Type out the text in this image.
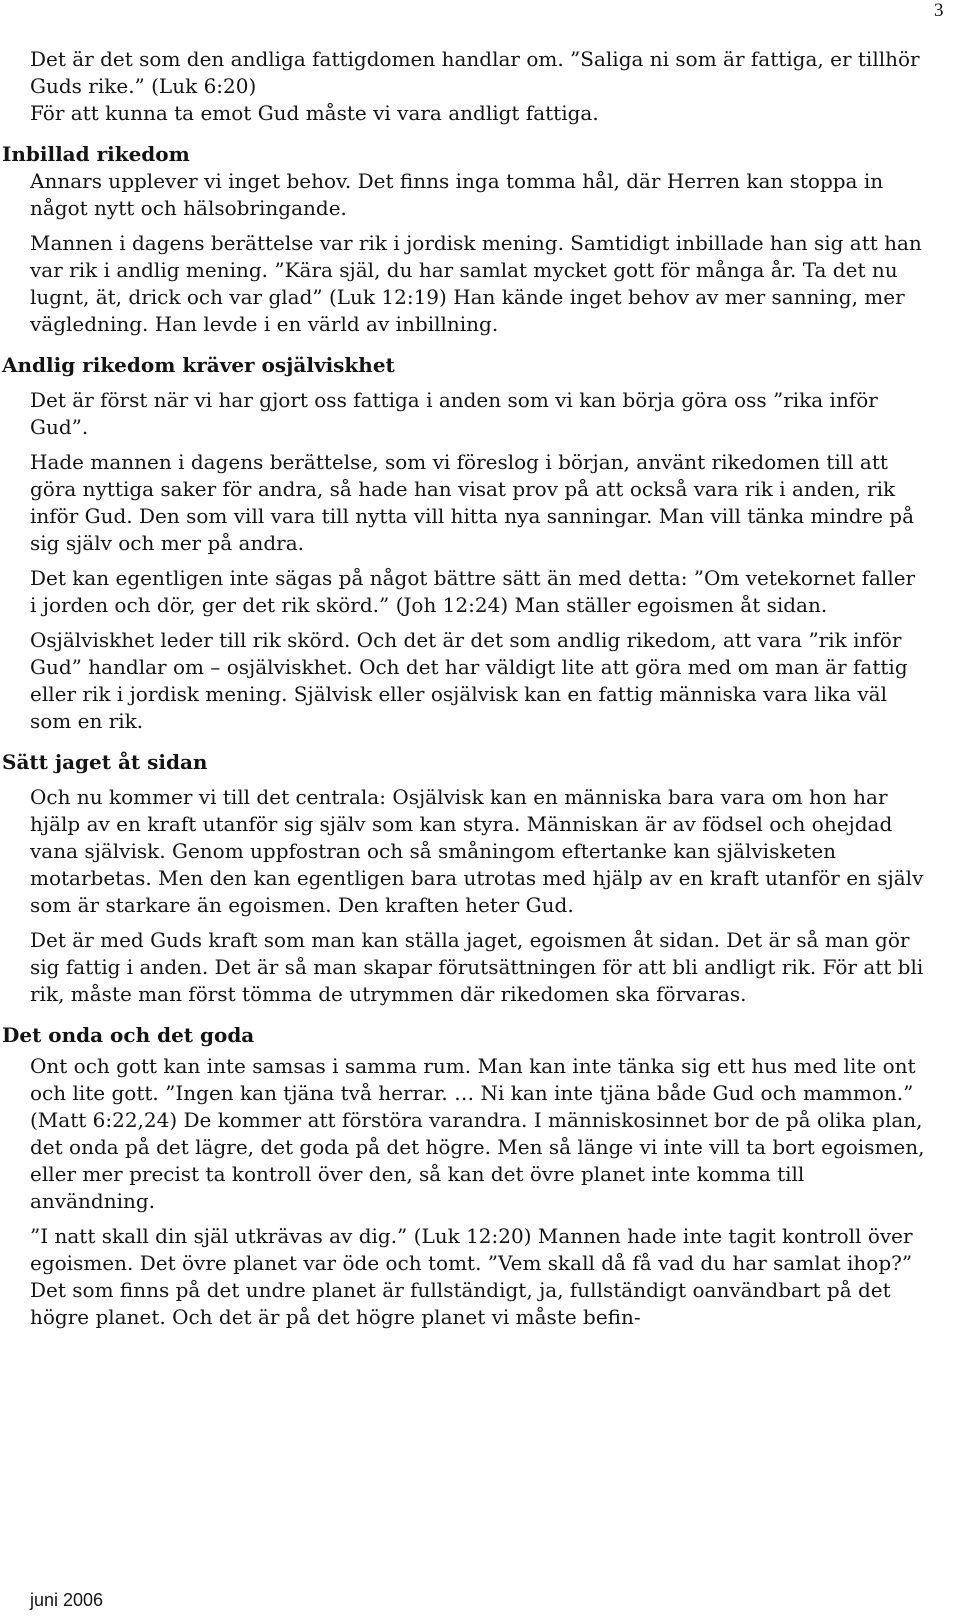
3

Det är det som den andliga fattigdomen handlar om. ”Saliga ni som är fattiga, er tillhör Guds rike.” (Luk 6:20)

För att kunna ta emot Gud måste vi vara andligt fattiga.

Inbillad rikedom

Annars upplever vi inget behov. Det finns inga tomma hål, där Herren kan stoppa in något nytt och hälsobringande.

Mannen i dagens berättelse var rik i jordisk mening. Samtidigt inbillade han sig att han var rik i andlig mening. ”Kära själ, du har samlat mycket gott för många år. Ta det nu lugnt, ät, drick och var glad” (Luk 12:19) Han kände inget behov av mer sanning, mer vägledning. Han levde i en värld av inbillning.

Andlig rikedom kräver osjälviskhet

Det är först när vi har gjort oss fattiga i anden som vi kan börja göra oss ”rika inför Gud”.

Hade mannen i dagens berättelse, som vi föreslog i början, använt rikedomen till att göra nyttiga saker för andra, så hade han visat prov på att också vara rik i anden, rik inför Gud. Den som vill vara till nytta vill hitta nya sanningar. Man vill tänka mindre på sig själv och mer på andra.

Det kan egentligen inte sägas på något bättre sätt än med detta: ”Om vetekornet faller i jorden och dör, ger det rik skörd.” (Joh 12:24) Man ställer egoismen åt sidan.

Osjälviskhet leder till rik skörd. Och det är det som andlig rikedom, att vara ”rik inför Gud” handlar om – osjälviskhet. Och det har väldigt lite att göra med om man är fattig eller rik i jordisk mening. Självisk eller osjälvisk kan en fattig människa vara lika väl som en rik.

Sätt jaget åt sidan

Och nu kommer vi till det centrala: Osjälvisk kan en människa bara vara om hon har hjälp av en kraft utanför sig själv som kan styra. Människan är av födsel och ohejdad vana självisk. Genom uppfostran och så småningom eftertanke kan självisketen motarbetas. Men den kan egentligen bara utrotas med hjälp av en kraft utanför en själv som är starkare än egoismen. Den kraften heter Gud.

Det är med Guds kraft som man kan ställa jaget, egoismen åt sidan. Det är så man gör sig fattig i anden. Det är så man skapar förutsättningen för att bli andligt rik. För att bli rik, måste man först tömma de utrymmen där rikedomen ska förvaras.

Det onda och det goda

Ont och gott kan inte samsas i samma rum. Man kan inte tänka sig ett hus med lite ont och lite gott. ”Ingen kan tjäna två herrar. … Ni kan inte tjäna både Gud och mammon.” (Matt 6:22,24) De kommer att förstöra varandra. I människosinnet bor de på olika plan, det onda på det lägre, det goda på det högre. Men så länge vi inte vill ta bort egoismen, eller mer precist ta kontroll över den, så kan det övre planet inte komma till användning.

”I natt skall din själ utkrävas av dig.” (Luk 12:20) Mannen hade inte tagit kontroll över egoismen. Det övre planet var öde och tomt. ”Vem skall då få vad du har samlat ihop?” Det som finns på det undre planet är fullständigt, ja, fullständigt oanvändbart på det högre planet. Och det är på det högre planet vi måste befin-

juni 2006
